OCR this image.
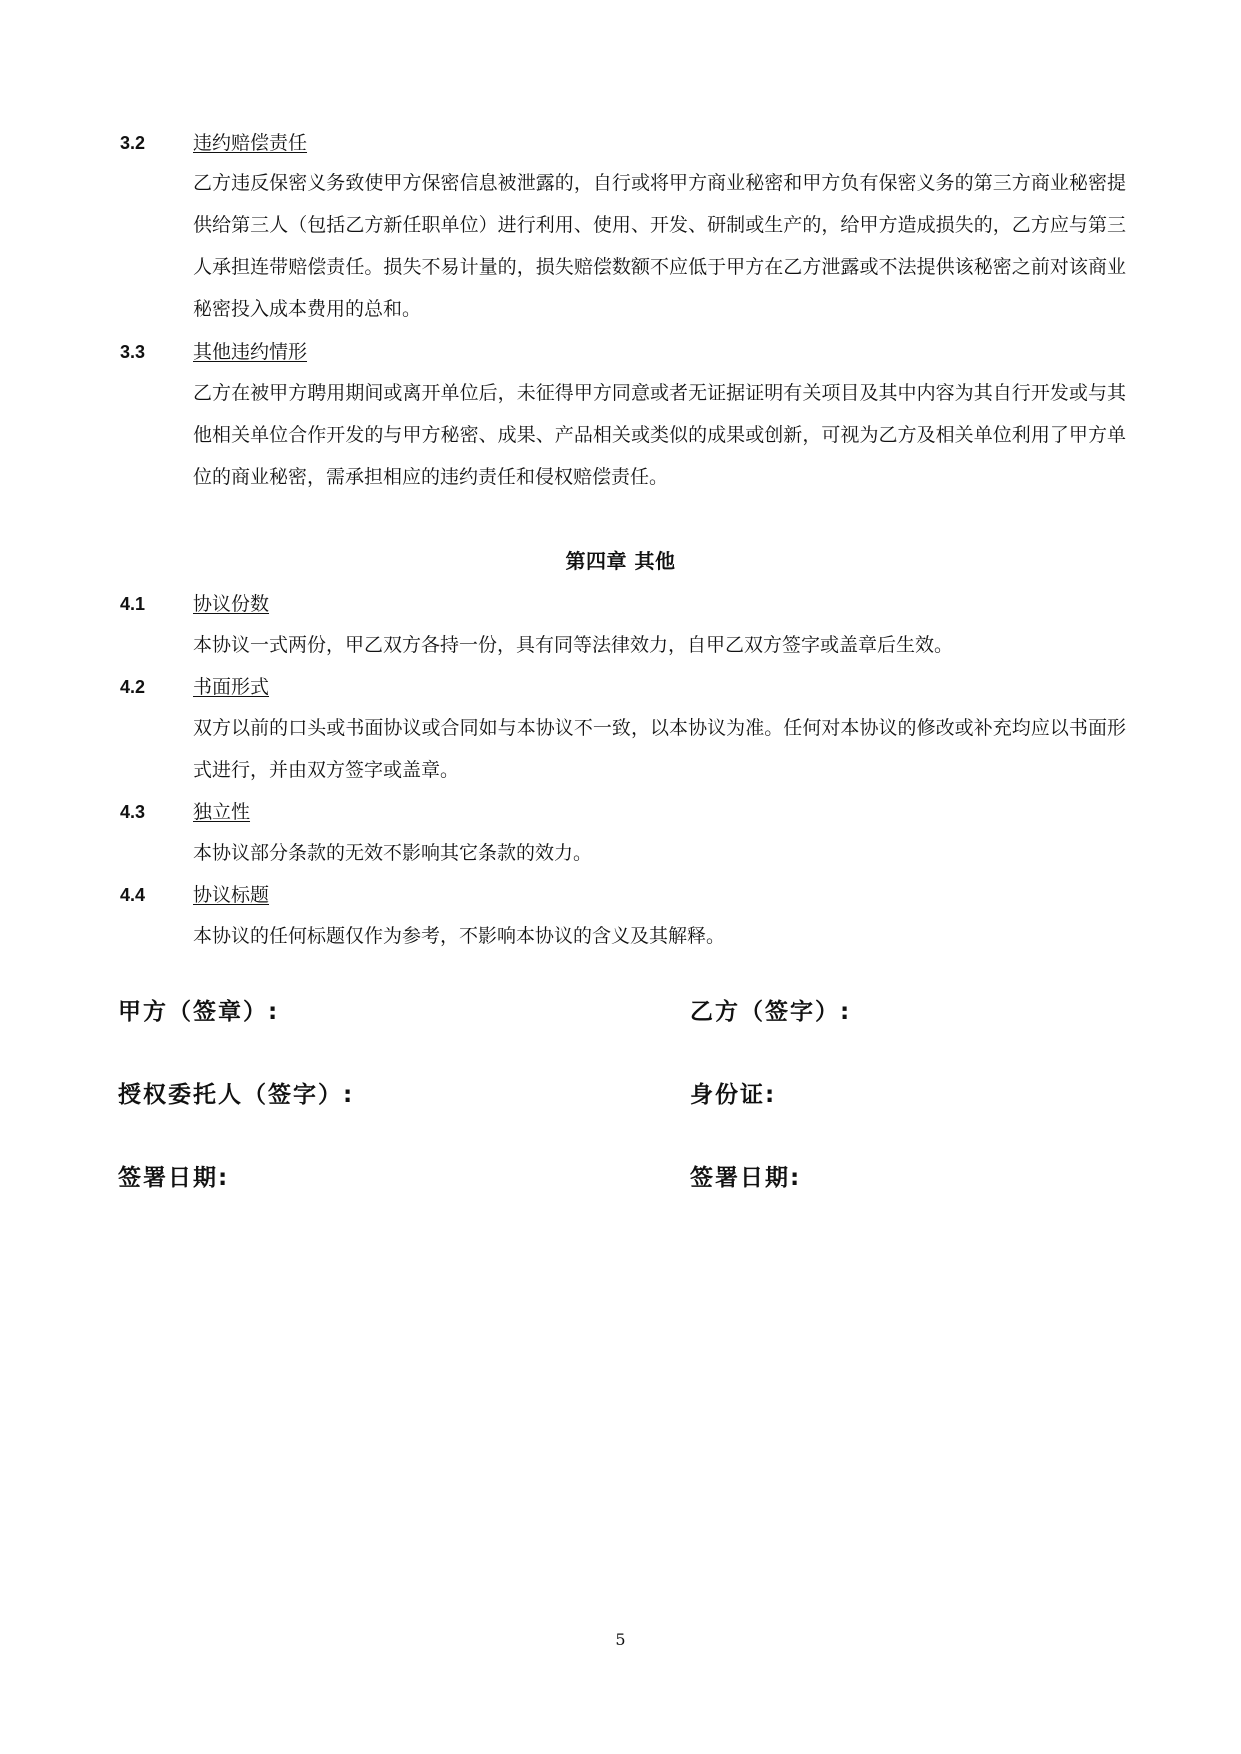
3.2	违约赔偿责任

乙方违反保密义务致使甲方保密信息被泄露的，自行或将甲方商业秘密和甲方负有保密义务的第三方商业秘密提供给第三人（包括乙方新任职单位）进行利用、使用、开发、研制或生产的，给甲方造成损失的，乙方应与第三人承担连带赔偿责任。损失不易计量的，损失赔偿数额不应低于甲方在乙方泄露或不法提供该秘密之前对该商业秘密投入成本费用的总和。

3.3	其他违约情形

乙方在被甲方聘用期间或离开单位后，未征得甲方同意或者无证据证明有关项目及其中内容为其自行开发或与其他相关单位合作开发的与甲方秘密、成果、产品相关或类似的成果或创新，可视为乙方及相关单位利用了甲方单位的商业秘密，需承担相应的违约责任和侵权赔偿责任。

第四章 其他
4.1	协议份数

本协议一式两份，甲乙双方各持一份，具有同等法律效力，自甲乙双方签字或盖章后生效。

4.2	书面形式

双方以前的口头或书面协议或合同如与本协议不一致，以本协议为准。任何对本协议的修改或补充均应以书面形式进行，并由双方签字或盖章。

4.3	独立性

本协议部分条款的无效不影响其它条款的效力。

4.4	协议标题

本协议的任何标题仅作为参考，不影响本协议的含义及其解释。

甲方（签章）:	乙方（签字）:
授权委托人（签字）:	身份证:
签署日期:	签署日期:
5
